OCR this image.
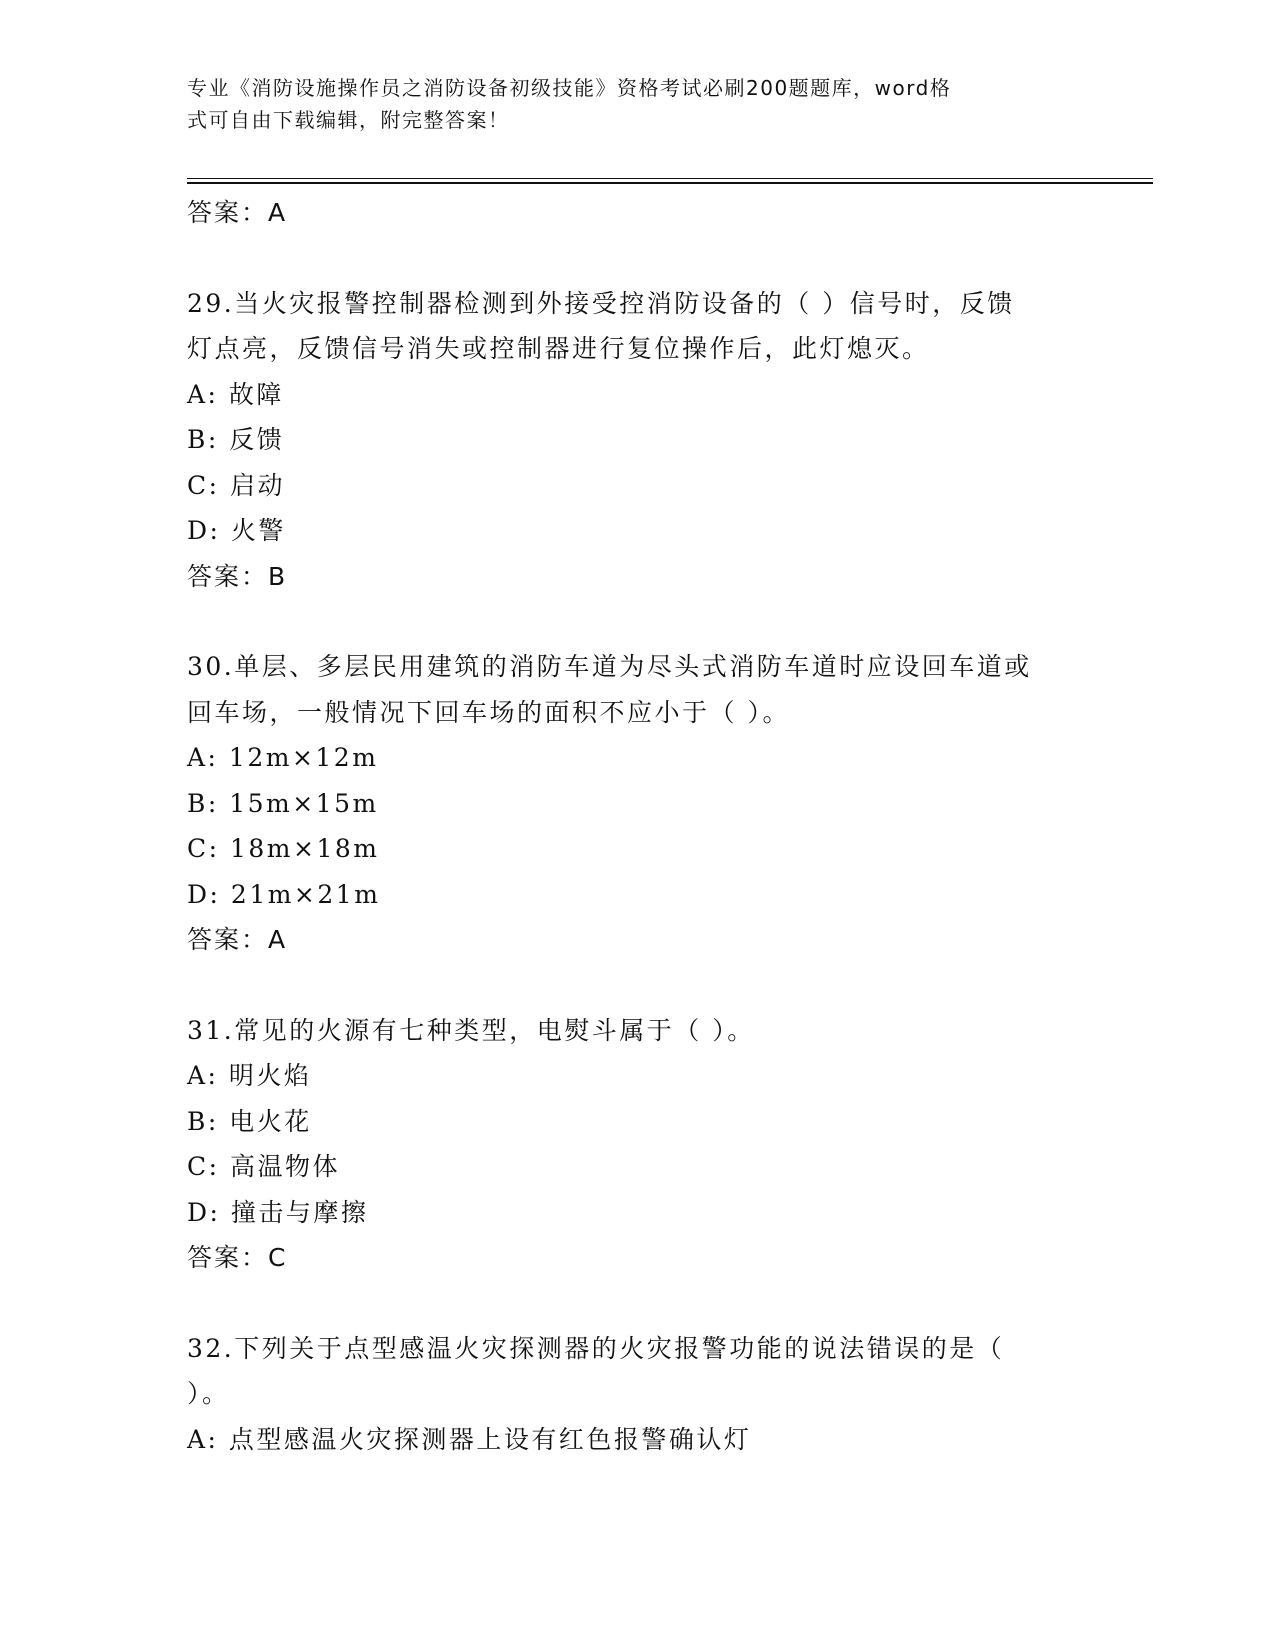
专业《消防设施操作员之消防设备初级技能》资格考试必刷200题题库，word格
式可自由下载编辑，附完整答案！
答案：A
29.当火灾报警控制器检测到外接受控消防设备的（ ）信号时，反馈
灯点亮，反馈信号消失或控制器进行复位操作后，此灯熄灭。
A: 故障
B: 反馈
C: 启动
D: 火警
答案：B
30.单层、多层民用建筑的消防车道为尽头式消防车道时应设回车道或
回车场，一般情况下回车场的面积不应小于（ ）。
A: 12m×12m
B: 15m×15m
C: 18m×18m
D: 21m×21m
答案：A
31.常见的火源有七种类型，电熨斗属于（ ）。
A: 明火焰
B: 电火花
C: 高温物体
D: 撞击与摩擦
答案：C
32.下列关于点型感温火灾探测器的火灾报警功能的说法错误的是（
）。
A: 点型感温火灾探测器上设有红色报警确认灯
